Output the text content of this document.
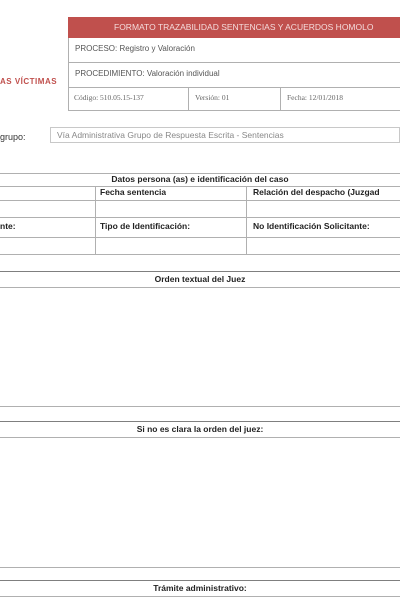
AS VÍCTIMAS
FORMATO TRAZABILIDAD SENTENCIAS Y ACUERDOS HOMOLO
PROCESO: Registro y Valoración
PROCEDIMIENTO: Valoración individual
Código: 510.05.15-137	Versión: 01	Fecha: 12/01/2018
grupo:	Vía Administrativa Grupo de Respuesta Escrita - Sentencias
Datos persona (as) e identificación del caso
Fecha sentencia	Relación del despacho (Juzgad
nte:	Tipo de Identificación:	No Identificación Solicitante:
Orden textual del Juez
Si no es clara la orden del juez:
Trámite administrativo:
